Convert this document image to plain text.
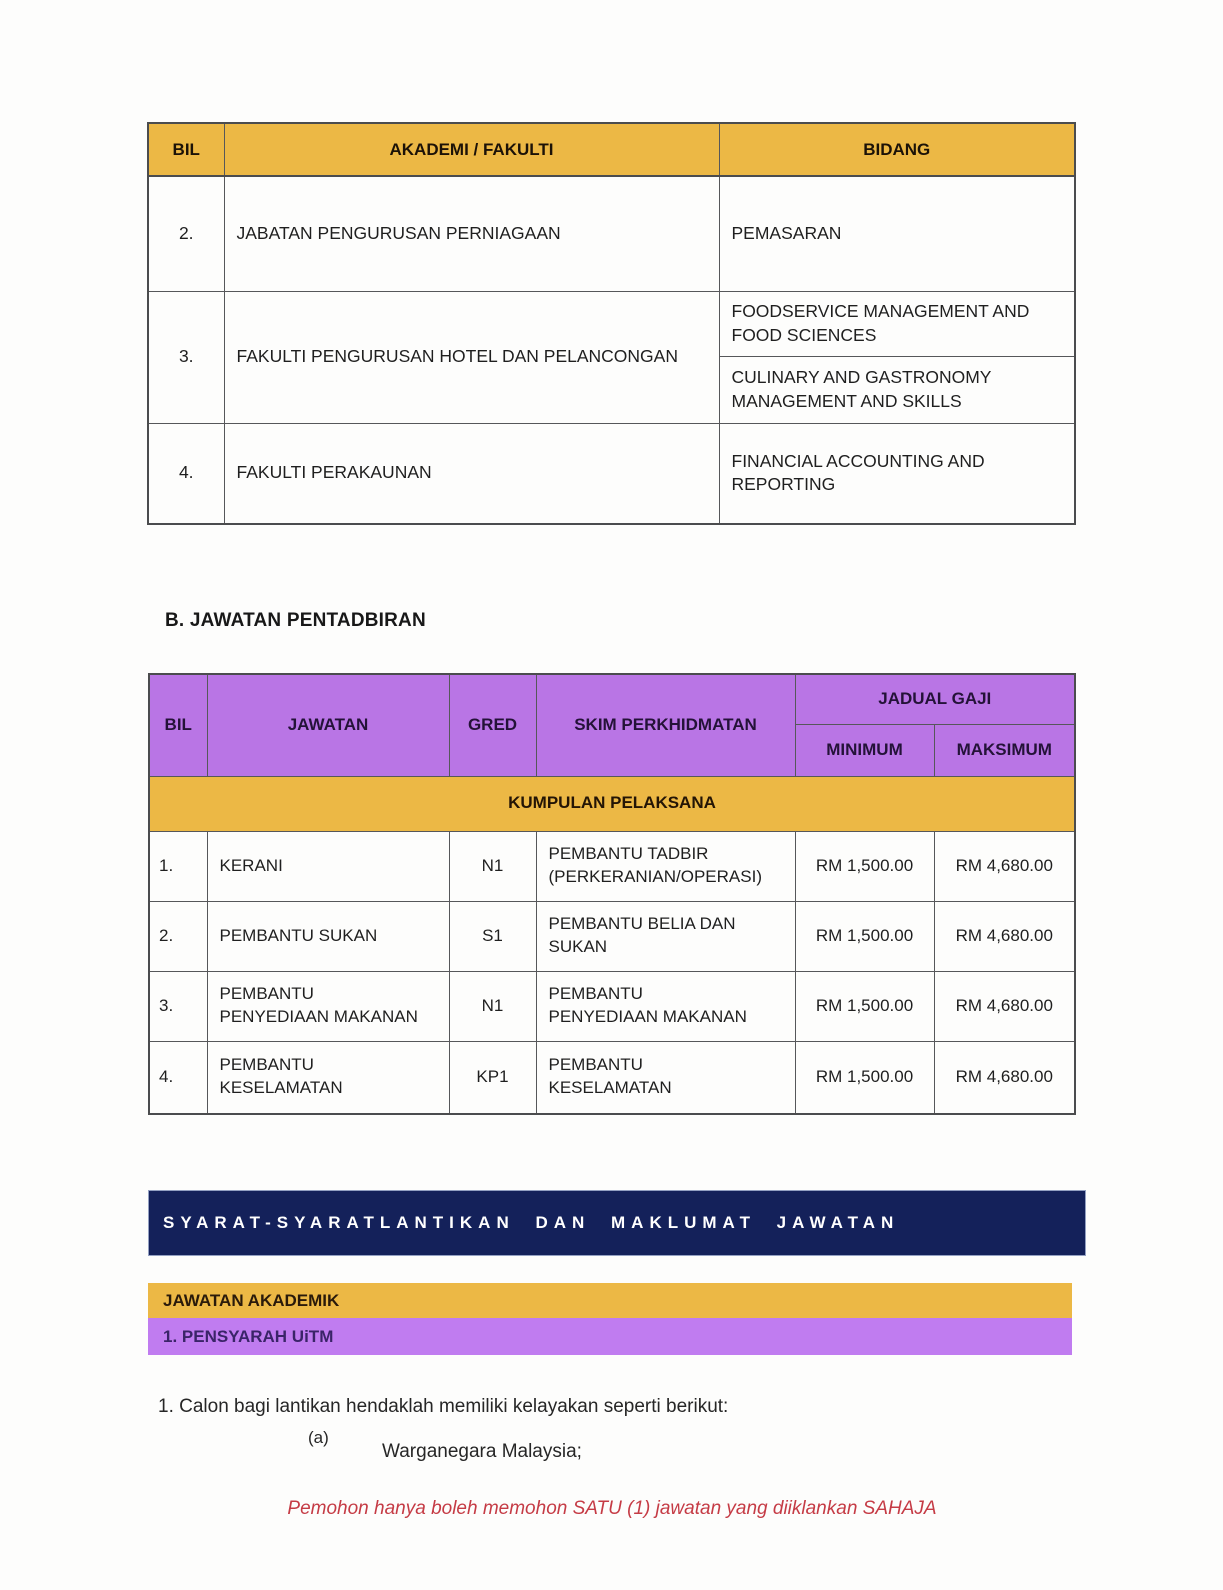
BIL	AKADEMI / FAKULTI	BIDANG
2.	JABATAN PENGURUSAN PERNIAGAAN	PEMASARAN
3.	FAKULTI PENGURUSAN HOTEL DAN PELANCONGAN	FOODSERVICE MANAGEMENT AND FOOD SCIENCES
		CULINARY AND GASTRONOMY MANAGEMENT AND SKILLS
4.	FAKULTI PERAKAUNAN	FINANCIAL ACCOUNTING AND REPORTING
B. JAWATAN PENTADBIRAN
BIL	JAWATAN	GRED	SKIM PERKHIDMATAN	JADUAL GAJI	
				MINIMUM	MAKSIMUM
KUMPULAN PELAKSANA					
1.	KERANI	N1	PEMBANTU TADBIR (PERKERANIAN/OPERASI)	RM 1,500.00	RM 4,680.00
2.	PEMBANTU SUKAN	S1	PEMBANTU BELIA DAN SUKAN	RM 1,500.00	RM 4,680.00
3.	PEMBANTU PENYEDIAAN MAKANAN	N1	PEMBANTU PENYEDIAAN MAKANAN	RM 1,500.00	RM 4,680.00
4.	PEMBANTU KESELAMATAN	KP1	PEMBANTU KESELAMATAN	RM 1,500.00	RM 4,680.00
SYARAT-SYARATLANTIKAN DAN MAKLUMAT JAWATAN
JAWATAN AKADEMIK
1. PENSYARAH UiTM
1. Calon bagi lantikan hendaklah memiliki kelayakan seperti berikut:
(a)
Warganegara Malaysia;
Pemohon hanya boleh memohon SATU (1) jawatan yang diiklankan SAHAJA
